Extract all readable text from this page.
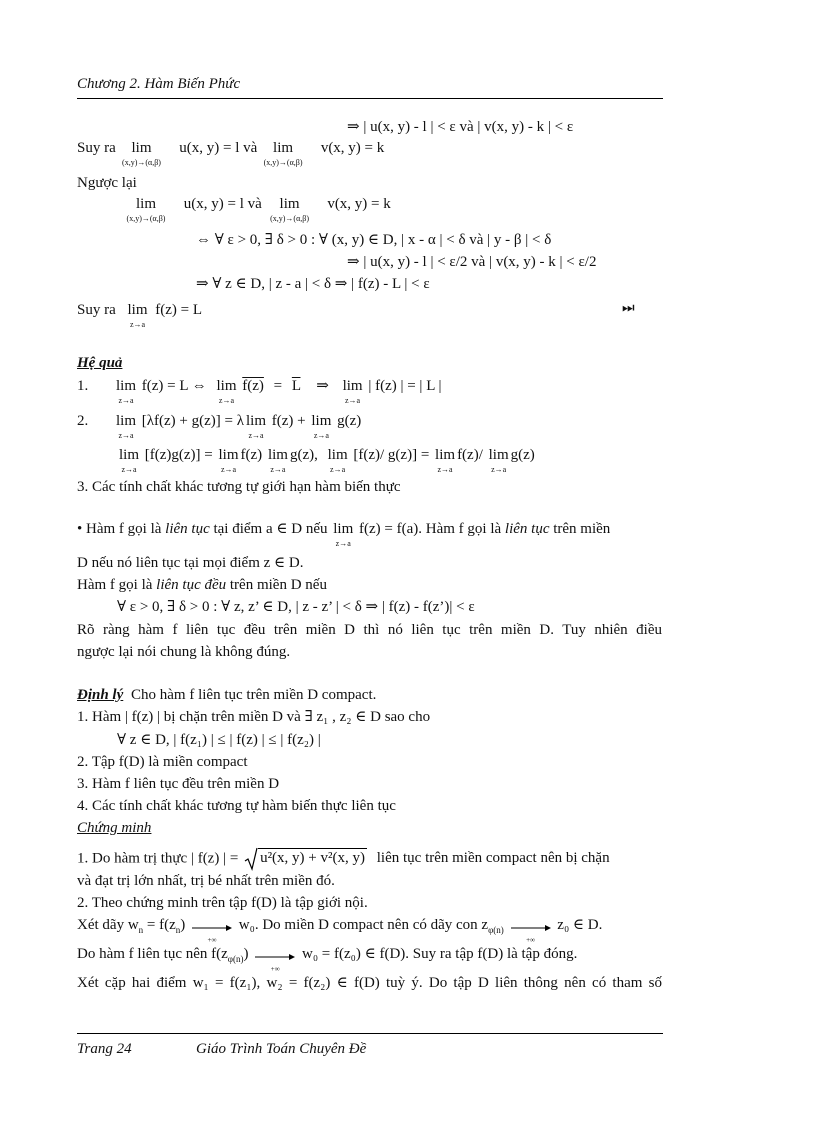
Chương 2. Hàm Biến Phức
⇒ | u(x, y) - l | < ε và | v(x, y) - k | < ε
Suy ra lim
(x,y)→(α,β)
u(x, y) = l và lim
(x,y)→(α,β)
v(x, y) = k
Ngược lại
lim
(x,y)→(α,β)
u(x, y) = l và lim
(x,y)→(α,β)
v(x, y) = k
⇔ ∀ ε > 0, ∃ δ > 0 : ∀ (x, y) ∈ D, | x - α | < δ và | y - β | < δ
⇒ | u(x, y) - l | < ε/2 và | v(x, y) - k | < ε/2
⇒ ∀ z ∈ D, | z - a | < δ ⇒ | f(z) - L | < ε
Suy ra lim
z→a
f(z) = L	⏭
Hệ quả
1. lim
z→a
f(z) = L ⇔ lim
z→a
$f(z) = \overline{L}$ ⇒ lim
z→a
| f(z) | = | L |
2. lim
z→a
[λf(z) + g(z)] = λ lim
z→a
f(z) + lim
z→a
g(z)
lim
z→a
[f(z)g(z)] = lim
z→a
f(z) lim
z→a
g(z), lim
z→a
[f(z)/ g(z)] = lim
z→a
f(z)/ lim
z→a
g(z)
3. Các tính chất khác tương tự giới hạn hàm biến thực
• Hàm f gọi là liên tục tại điểm a ∈ D nếu lim
z→a
f(z) = f(a). Hàm f gọi là liên tục trên miền
D nếu nó liên tục tại mọi điểm z ∈ D.
Hàm f gọi là liên tục đều trên miền D nếu
∀ ε > 0, ∃ δ > 0 : ∀ z, z’ ∈ D, | z - z’ | < δ ⇒ | f(z) - f(z’)| < ε
Rõ ràng hàm f liên tục đều trên miền D thì nó liên tục trên miền D. Tuy nhiên điều
ngược lại nói chung là không đúng.
Định lý Cho hàm f liên tục trên miền D compact.
1. Hàm | f(z) | bị chặn trên miền D và ∃ z₁ , z₂ ∈ D sao cho
∀ z ∈ D, | f(z₁) | ≤ | f(z) | ≤ | f(z₂) |
2. Tập f(D) là miền compact
3. Hàm f liên tục đều trên miền D
4. Các tính chất khác tương tự hàm biến thực liên tục
Chứng minh
1. Do hàm trị thực | f(z) | = u²(x, y) + v²(x, y) liên tục trên miền compact nên bị chặn
và đạt trị lớn nhất, trị bé nhất trên miền đó.
2. Theo chứng minh trên tập f(D) là tập giới nội.
Xét dãy $w_n = f(z_n)$
+∞
w₀. Do miền D compact nên có dãy con $z_{\varphi(n)}$
+∞
z₀ ∈ D.
Do hàm f liên tục nên $f(z_{\varphi(n)})$
+∞
w₀ = f(z₀) ∈ f(D). Suy ra tập f(D) là tập đóng.
Xét cặp hai điểm w₁ = f(z₁), w₂ = f(z₂) ∈ f(D) tuỳ ý. Do tập D liên thông nên có tham số
Trang 24	Giáo Trình Toán Chuyên Đề
